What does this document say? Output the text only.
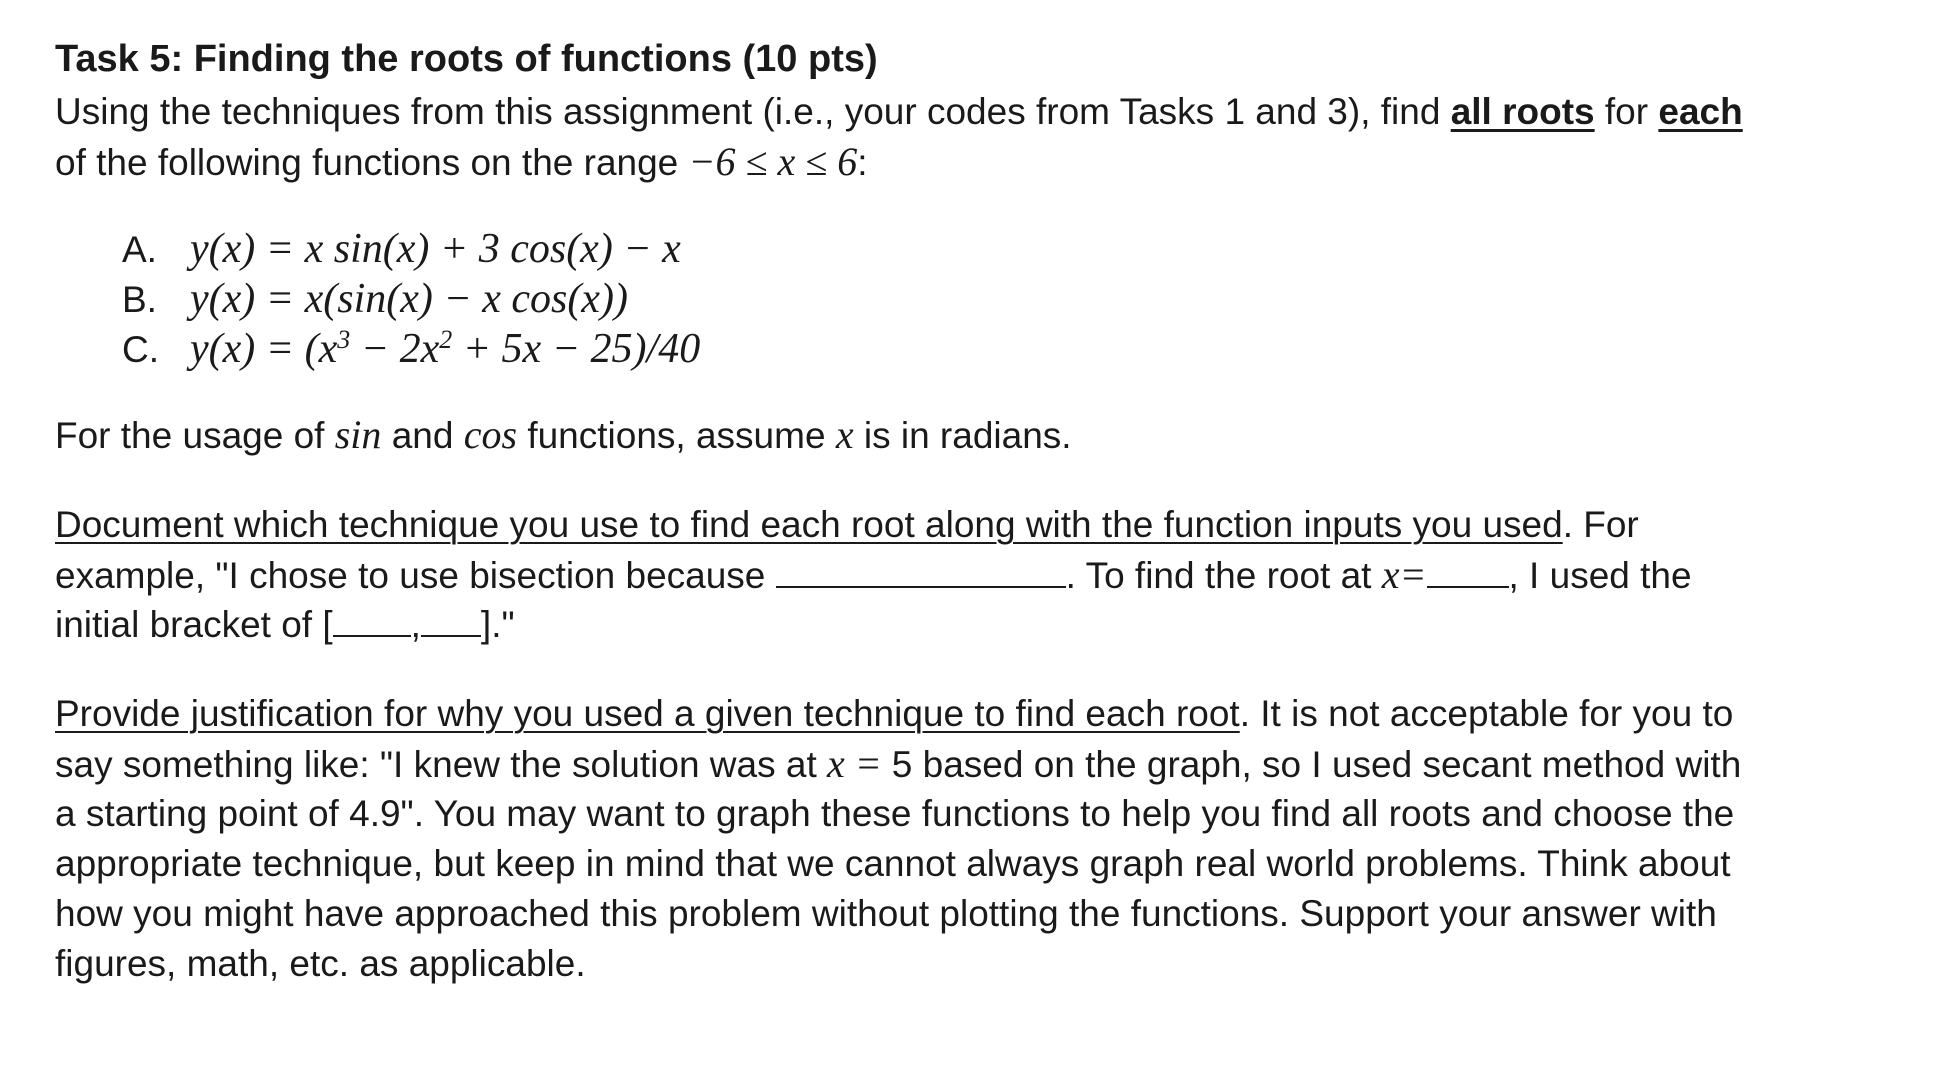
Task 5: Finding the roots of functions (10 pts)
Using the techniques from this assignment (i.e., your codes from Tasks 1 and 3), find all roots for each
of the following functions on the range −6 ≤ x ≤ 6:
A. y(x) = x sin(x) + 3 cos(x) − x
B. y(x) = x(sin(x) − x cos(x))
C. $y(x) = (x^3 - 2x^2 + 5x - 25)/40$
For the usage of sin and cos functions, assume x is in radians.
Document which technique you use to find each root along with the function inputs you used. For
example, "I chose to use bisection because	. To find the root at x= , I used the
initial bracket of [ , ]."
Provide justification for why you used a given technique to find each root. It is not acceptable for you to
say something like: "I knew the solution was at x = 5 based on the graph, so I used secant method with
a starting point of 4.9". You may want to graph these functions to help you find all roots and choose the
appropriate technique, but keep in mind that we cannot always graph real world problems. Think about
how you might have approached this problem without plotting the functions. Support your answer with
figures, math, etc. as applicable.
